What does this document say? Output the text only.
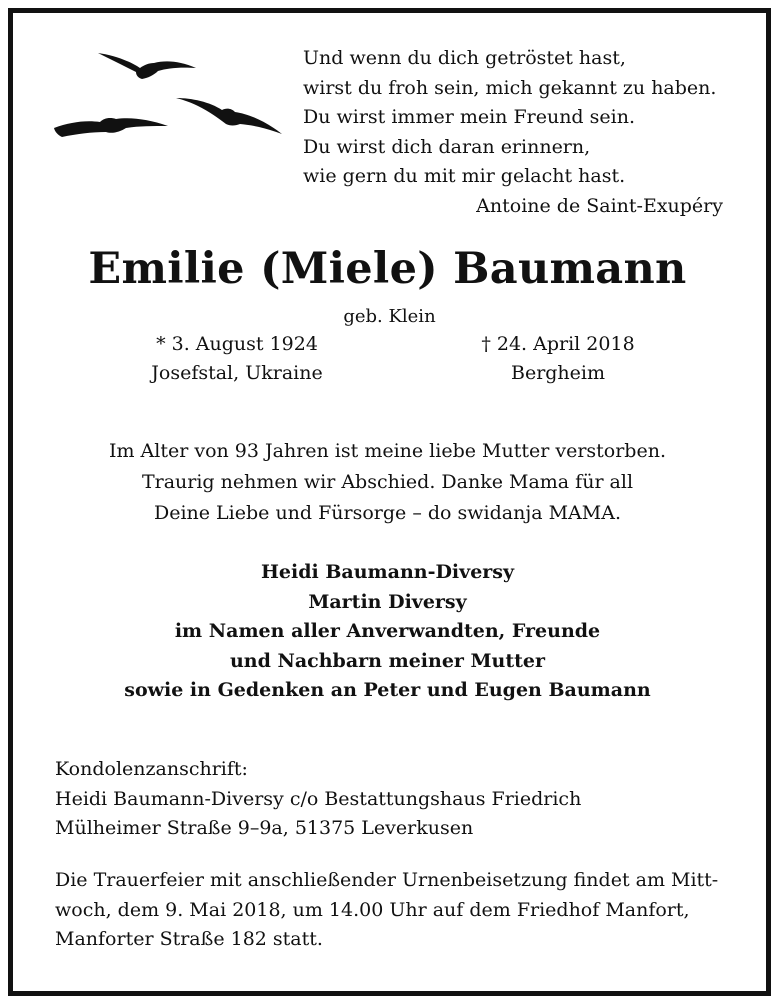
Und wenn du dich getröstet hast,
wirst du froh sein, mich gekannt zu haben.
Du wirst immer mein Freund sein.
Du wirst dich daran erinnern,
wie gern du mit mir gelacht hast.
Antoine de Saint-Exupéry
Emilie (Miele) Baumann
geb. Klein
* 3. August 1924
Josefstal, Ukraine
† 24. April 2018
Bergheim
Im Alter von 93 Jahren ist meine liebe Mutter verstorben.
Traurig nehmen wir Abschied. Danke Mama für all
Deine Liebe und Fürsorge – do swidanja MAMA.
Heidi Baumann-Diversy
Martin Diversy
im Namen aller Anverwandten, Freunde
und Nachbarn meiner Mutter
sowie in Gedenken an Peter und Eugen Baumann
Kondolenzanschrift:
Heidi Baumann-Diversy c/o Bestattungshaus Friedrich
Mülheimer Straße 9–9a, 51375 Leverkusen
Die Trauerfeier mit anschließender Urnenbeisetzung findet am Mitt-
woch, dem 9. Mai 2018, um 14.00 Uhr auf dem Friedhof Manfort,
Manforter Straße 182 statt.
